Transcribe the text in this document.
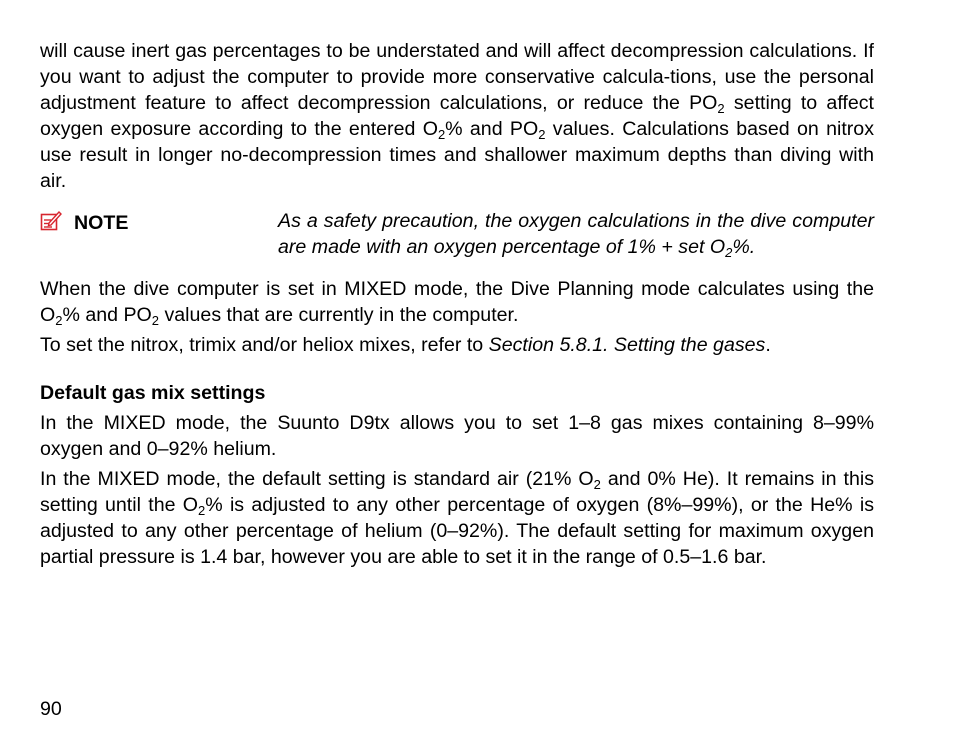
will cause inert gas percentages to be understated and will affect decompression calculations. If you want to adjust the computer to provide more conservative calcula-tions, use the personal adjustment feature to affect decompression calculations, or reduce the $PO_2$ setting to affect oxygen exposure according to the entered $O_2\%$ and $PO_2$ values. Calculations based on nitrox use result in longer no-decompression times and shallower maximum depths than diving with air.

NOTE	As a safety precaution, the oxygen calculations in the dive computer are made with an oxygen percentage of 1% + set $O_2\%$.

When the dive computer is set in MIXED mode, the Dive Planning mode calculates using the $O_2\%$ and $PO_2$ values that are currently in the computer.

To set the nitrox, trimix and/or heliox mixes, refer to Section 5.8.1. Setting the gases.

Default gas mix settings

In the MIXED mode, the Suunto D9tx allows you to set 1–8 gas mixes containing 8–99% oxygen and 0–92% helium.

In the MIXED mode, the default setting is standard air (21% $O_2$ and 0% He). It remains in this setting until the $O_2\%$ is adjusted to any other percentage of oxygen (8%–99%), or the He% is adjusted to any other percentage of helium (0–92%). The default setting for maximum oxygen partial pressure is 1.4 bar, however you are able to set it in the range of 0.5–1.6 bar.

90
